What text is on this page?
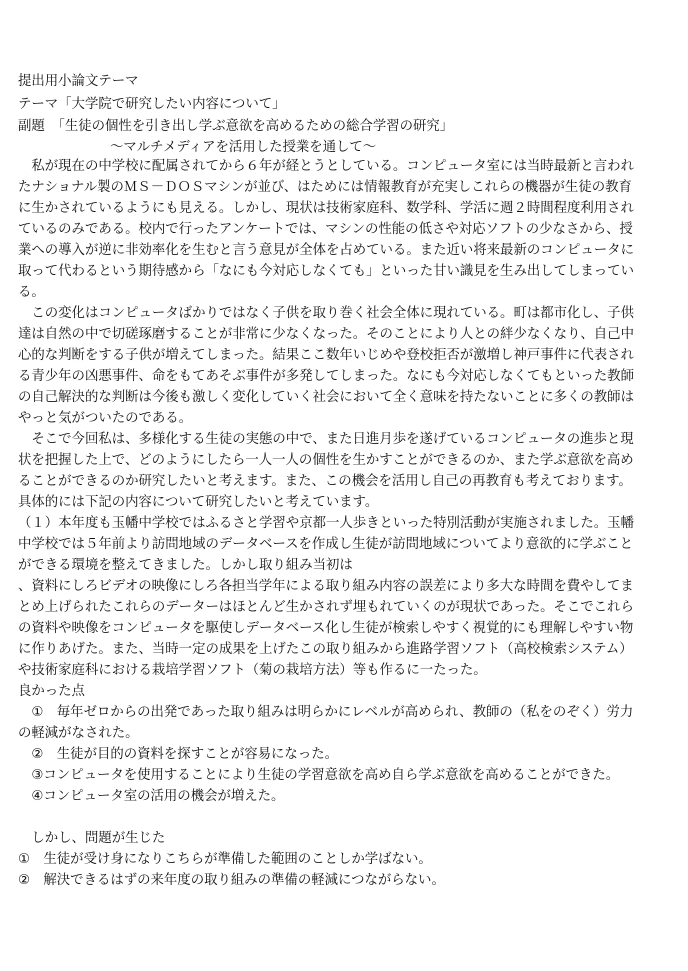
提出用小論文テーマ
テーマ「大学院で研究したい内容について」
副題　「生徒の個性を引き出し学ぶ意欲を高めるための総合学習の研究」
～マルチメディアを活用した授業を通して～
　私が現在の中学校に配属されてから６年が経とうとしている。コンピュータ室には当時最新と言われ
たナショナル製のＭＳ－ＤＯＳマシンが並び、はためには情報教育が充実しこれらの機器が生徒の教育
に生かされているようにも見える。しかし、現状は技術家庭科、数学科、学活に週２時間程度利用され
ているのみである。校内で行ったアンケートでは、マシンの性能の低さや対応ソフトの少なさから、授
業への導入が逆に非効率化を生むと言う意見が全体を占めている。また近い将来最新のコンピュータに
取って代わるという期待感から「なにも今対応しなくても」といった甘い識見を生み出してしまってい
る。
　この変化はコンピュータばかりではなく子供を取り巻く社会全体に現れている。町は都市化し、子供
達は自然の中で切磋琢磨することが非常に少なくなった。そのことにより人との絆少なくなり、自己中
心的な判断をする子供が増えてしまった。結果ここ数年いじめや登校拒否が激増し神戸事件に代表され
る青少年の凶悪事件、命をもてあそぶ事件が多発してしまった。なにも今対応しなくてもといった教師
の自己解決的な判断は今後も激しく変化していく社会において全く意味を持たないことに多くの教師は
やっと気がついたのである。
　そこで今回私は、多様化する生徒の実態の中で、また日進月歩を遂げているコンピュータの進歩と現
状を把握した上で、どのようにしたら一人一人の個性を生かすことができるのか、また学ぶ意欲を高め
ることができるのか研究したいと考えます。また、この機会を活用し自己の再教育も考えております。
具体的には下記の内容について研究したいと考えています。
（１）本年度も玉幡中学校ではふるさと学習や京都一人歩きといった特別活動が実施されました。玉幡
中学校では５年前より訪問地域のデータベースを作成し生徒が訪問地域についてより意欲的に学ぶこと
ができる環境を整えてきました。しかし取り組み当初は
、資料にしろビデオの映像にしろ各担当学年による取り組み内容の誤差により多大な時間を費やしてま
とめ上げられたこれらのデーターはほとんど生かされず埋もれていくのが現状であった。そこでこれら
の資料や映像をコンピュータを駆使しデータベース化し生徒が検索しやすく視覚的にも理解しやすい物
に作りあげた。また、当時一定の成果を上げたこの取り組みから進路学習ソフト（高校検索システム）
や技術家庭科における栽培学習ソフト（菊の栽培方法）等も作るに一たった。
良かった点
　①　毎年ゼロからの出発であった取り組みは明らかにレベルが高められ、教師の（私をのぞく）労力
の軽減がなされた。
　②　生徒が目的の資料を探すことが容易になった。
　③コンピュータを使用することにより生徒の学習意欲を高め自ら学ぶ意欲を高めることができた。
　④コンピュータ室の活用の機会が増えた。
　しかし、問題が生じた
①　生徒が受け身になりこちらが準備した範囲のことしか学ばない。
②　解決できるはずの来年度の取り組みの準備の軽減につながらない。
